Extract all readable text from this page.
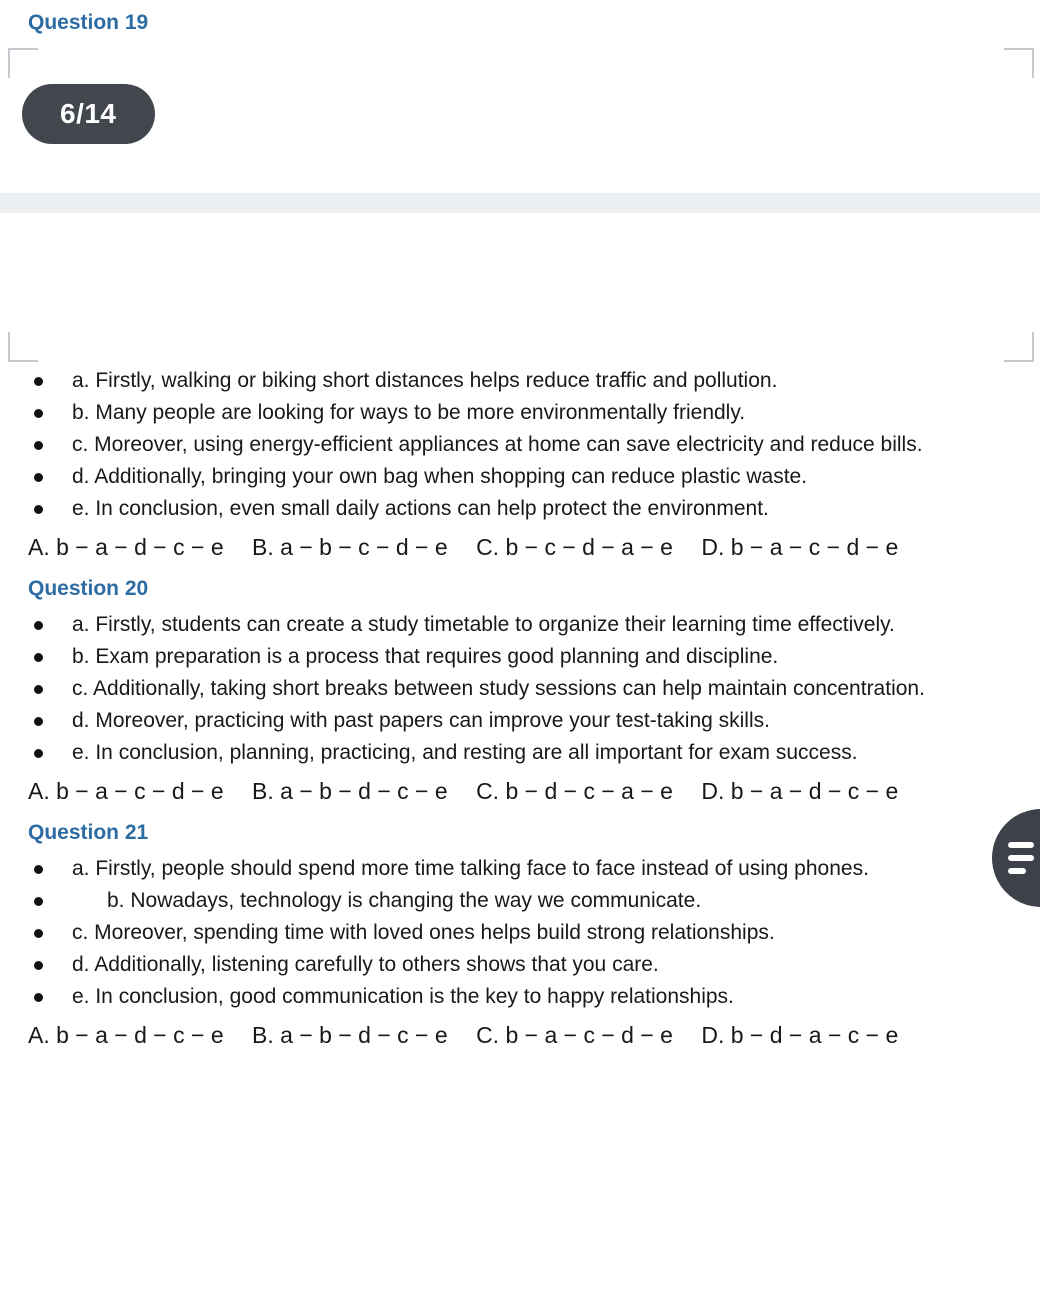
Question 19
6/14
a. Firstly, walking or biking short distances helps reduce traffic and pollution.
b. Many people are looking for ways to be more environmentally friendly.
c. Moreover, using energy-efficient appliances at home can save electricity and reduce bills.
d. Additionally, bringing your own bag when shopping can reduce plastic waste.
e. In conclusion, even small daily actions can help protect the environment.
A. b − a − d − c − e B. a − b − c − d − e C. b − c − d − a − e D. b − a − c − d − e
Question 20
a. Firstly, students can create a study timetable to organize their learning time effectively.
b. Exam preparation is a process that requires good planning and discipline.
c. Additionally, taking short breaks between study sessions can help maintain concentration.
d. Moreover, practicing with past papers can improve your test-taking skills.
e. In conclusion, planning, practicing, and resting are all important for exam success.
A. b − a − c − d − e B. a − b − d − c − e C. b − d − c − a − e D. b − a − d − c − e
Question 21
a. Firstly, people should spend more time talking face to face instead of using phones.
b. Nowadays, technology is changing the way we communicate.
c. Moreover, spending time with loved ones helps build strong relationships.
d. Additionally, listening carefully to others shows that you care.
e. In conclusion, good communication is the key to happy relationships.
A. b − a − d − c − e B. a − b − d − c − e C. b − a − c − d − e D. b − d − a − c − e
